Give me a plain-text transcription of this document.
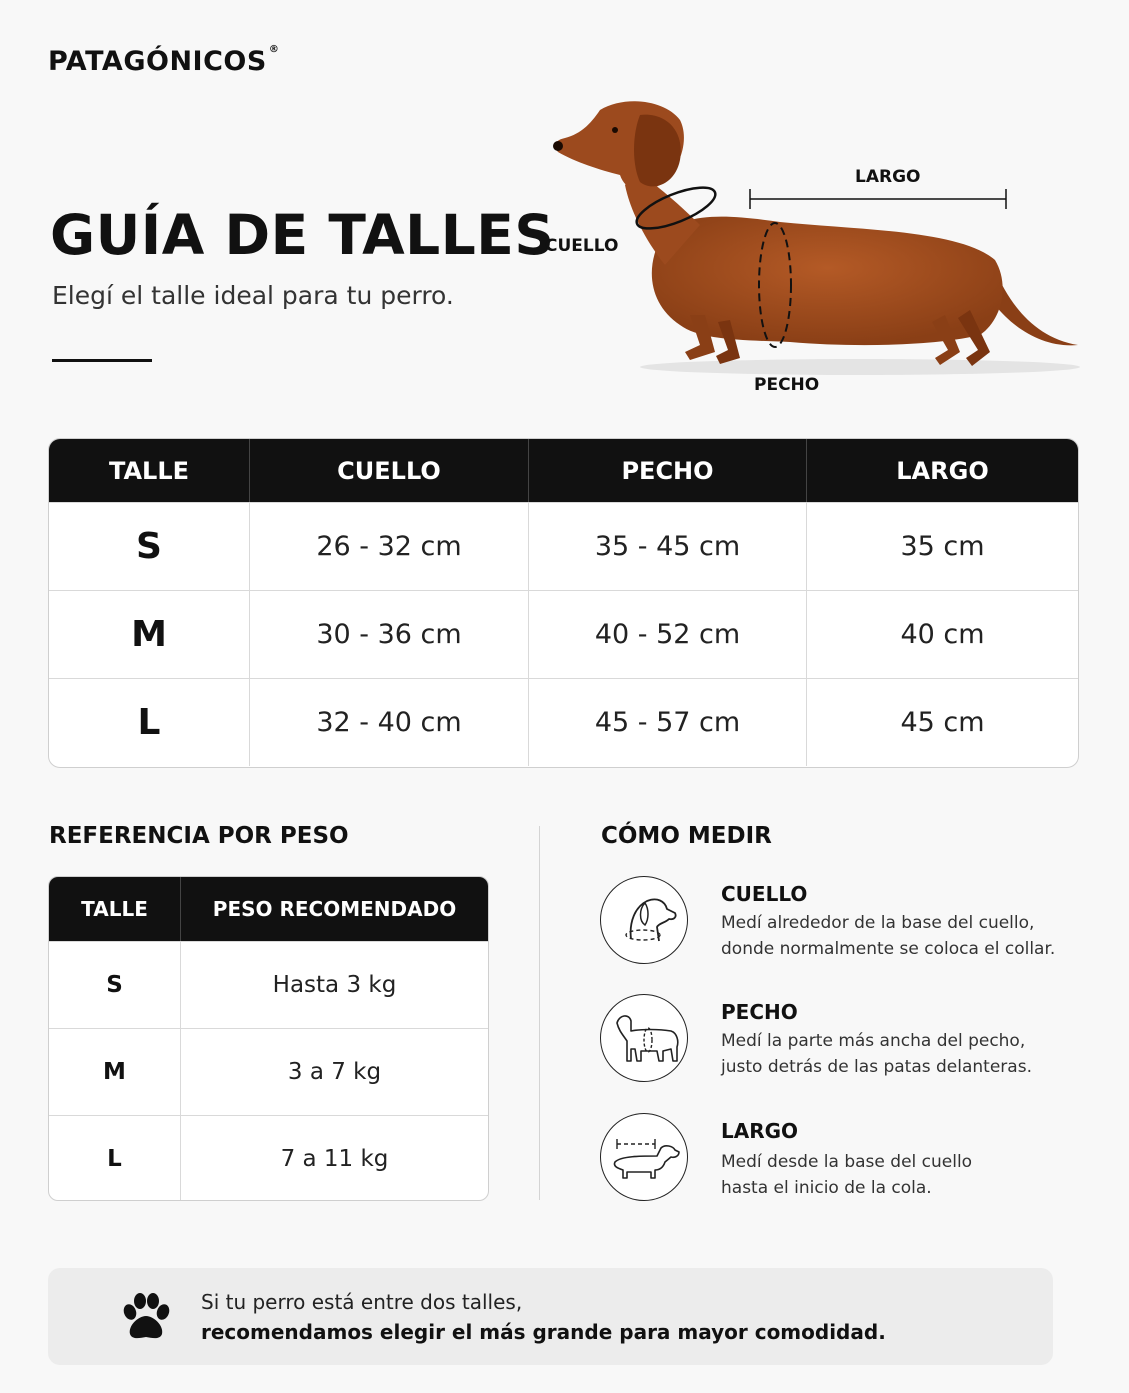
PATAGÓNICOS ®
GUÍA DE TALLES
Elegí el talle ideal para tu perro.
LARGO
CUELLO
PECHO
TALLE	CUELLO	PECHO	LARGO
S	26 - 32 cm	35 - 45 cm	35 cm
M	30 - 36 cm	40 - 52 cm	40 cm
L	32 - 40 cm	45 - 57 cm	45 cm
REFERENCIA POR PESO
TALLE	PESO RECOMENDADO
S	Hasta 3 kg
M	3 a 7 kg
L	7 a 11 kg
CÓMO MEDIR
CUELLO
Medí alrededor de la base del cuello,
donde normalmente se coloca el collar.
PECHO
Medí la parte más ancha del pecho,
justo detrás de las patas delanteras.
LARGO
Medí desde la base del cuello
hasta el inicio de la cola.
Si tu perro está entre dos talles,
recomendamos elegir el más grande para mayor comodidad.
